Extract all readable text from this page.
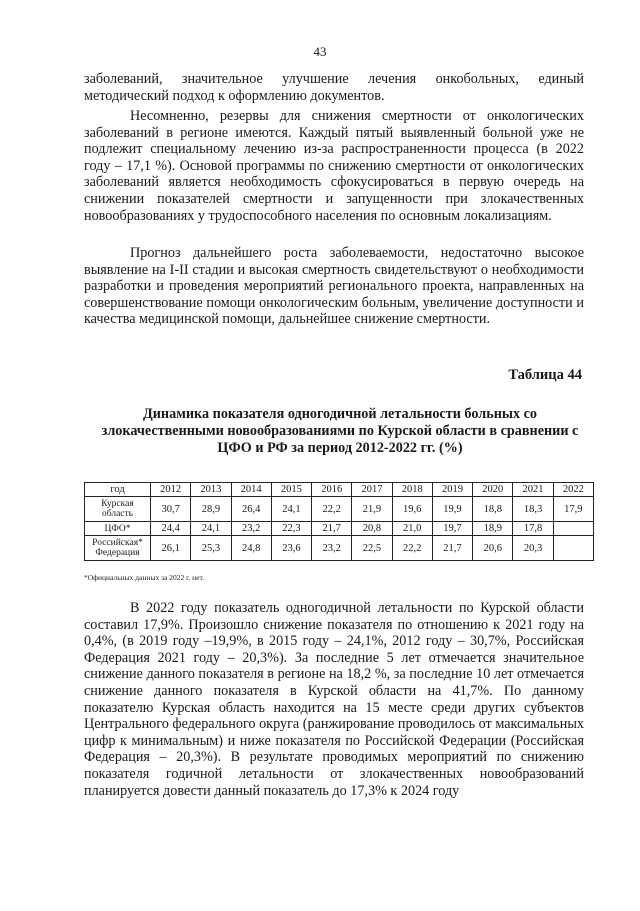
43

заболеваний, значительное улучшение лечения онкобольных, единый методический подход к оформлению документов.

Несомненно, резервы для снижения смертности от онкологических заболеваний в регионе имеются. Каждый пятый выявленный больной уже не подлежит специальному лечению из-за распространенности процесса (в 2022 году – 17,1 %). Основой программы по снижению смертности от онкологических заболеваний является необходимость сфокусироваться в первую очередь на снижении показателей смертности и запущенности при злокачественных новообразованиях у трудоспособного населения по основным локализациям.

Прогноз дальнейшего роста заболеваемости, недостаточно высокое выявление на I-II стадии и высокая смертность свидетельствуют о необходимости разработки и проведения мероприятий регионального проекта, направленных на совершенствование помощи онкологическим больным, увеличение доступности и качества медицинской помощи, дальнейшее снижение смертности.

Таблица 44
Динамика показателя одногодичной летальности больных со злокачественными новообразованиями по Курской области в сравнении с ЦФО и РФ за период 2012-2022 гг. (%)
год	2012	2013	2014	2015	2016	2017	2018	2019	2020	2021	2022
Курская область	30,7	28,9	26,4	24,1	22,2	21,9	19,6	19,9	18,8	18,3	17,9
ЦФО*	24,4	24,1	23,2	22,3	21,7	20,8	21,0	19,7	18,9	17,8	
Российская* Федерация	26,1	25,3	24,8	23,6	23,2	22,5	22,2	21,7	20,6	20,3	
*Официальных данных за 2022 г. нет.

В 2022 году показатель одногодичной летальности по Курской области составил 17,9%. Произошло снижение показателя по отношению к 2021 году на 0,4%, (в 2019 году –19,9%, в 2015 году – 24,1%, 2012 году – 30,7%, Российская Федерация 2021 году – 20,3%). За последние 5 лет отмечается значительное снижение данного показателя в регионе на 18,2 %, за последние 10 лет отмечается снижение данного показателя в Курской области на 41,7%. По данному показателю Курская область находится на 15 месте среди других субъектов Центрального федерального округа (ранжирование проводилось от максимальных цифр к минимальным) и ниже показателя по Российской Федерации (Российская Федерация – 20,3%). В результате проводимых мероприятий по снижению показателя годичной летальности от злокачественных новообразований планируется довести данный показатель до 17,3% к 2024 году
